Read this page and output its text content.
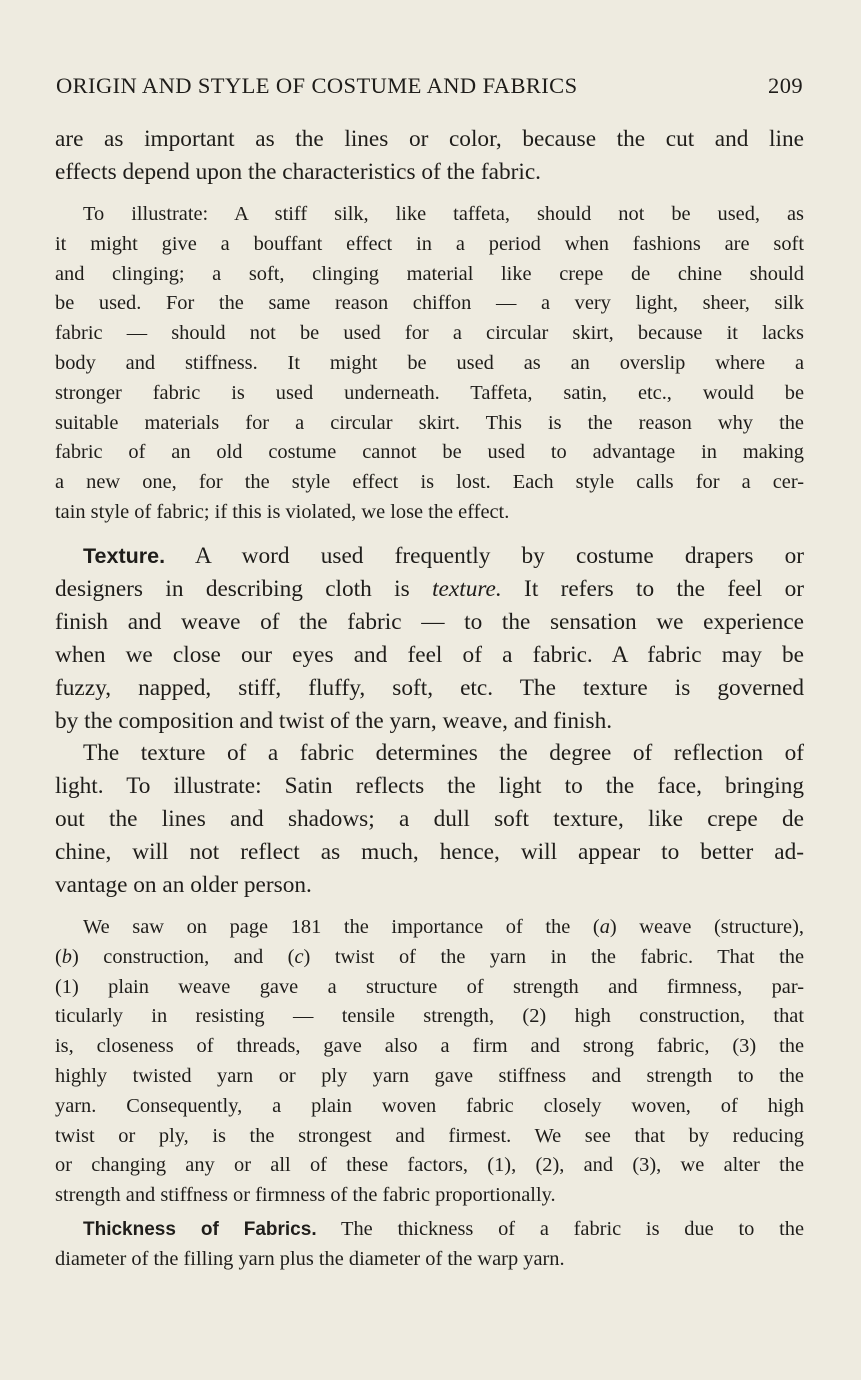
ORIGIN AND STYLE OF COSTUME AND FABRICS	209
are as important as the lines or color, because the cut and line
effects depend upon the characteristics of the fabric.
To illustrate: A stiff silk, like taffeta, should not be used, as
it might give a bouffant effect in a period when fashions are soft
and clinging; a soft, clinging material like crepe de chine should
be used. For the same reason chiffon — a very light, sheer, silk
fabric — should not be used for a circular skirt, because it lacks
body and stiffness. It might be used as an overslip where a
stronger fabric is used underneath. Taffeta, satin, etc., would be
suitable materials for a circular skirt. This is the reason why the
fabric of an old costume cannot be used to advantage in making
a new one, for the style effect is lost. Each style calls for a cer-
tain style of fabric; if this is violated, we lose the effect.
Texture. A word used frequently by costume drapers or
designers in describing cloth is texture. It refers to the feel or
finish and weave of the fabric — to the sensation we experience
when we close our eyes and feel of a fabric. A fabric may be
fuzzy, napped, stiff, fluffy, soft, etc. The texture is governed
by the composition and twist of the yarn, weave, and finish.
The texture of a fabric determines the degree of reflection of
light. To illustrate: Satin reflects the light to the face, bringing
out the lines and shadows; a dull soft texture, like crepe de
chine, will not reflect as much, hence, will appear to better ad-
vantage on an older person.
We saw on page 181 the importance of the (a) weave (structure),
(b) construction, and (c) twist of the yarn in the fabric. That the
(1) plain weave gave a structure of strength and firmness, par-
ticularly in resisting — tensile strength, (2) high construction, that
is, closeness of threads, gave also a firm and strong fabric, (3) the
highly twisted yarn or ply yarn gave stiffness and strength to the
yarn. Consequently, a plain woven fabric closely woven, of high
twist or ply, is the strongest and firmest. We see that by reducing
or changing any or all of these factors, (1), (2), and (3), we alter the
strength and stiffness or firmness of the fabric proportionally.
Thickness of Fabrics. The thickness of a fabric is due to the
diameter of the filling yarn plus the diameter of the warp yarn.
